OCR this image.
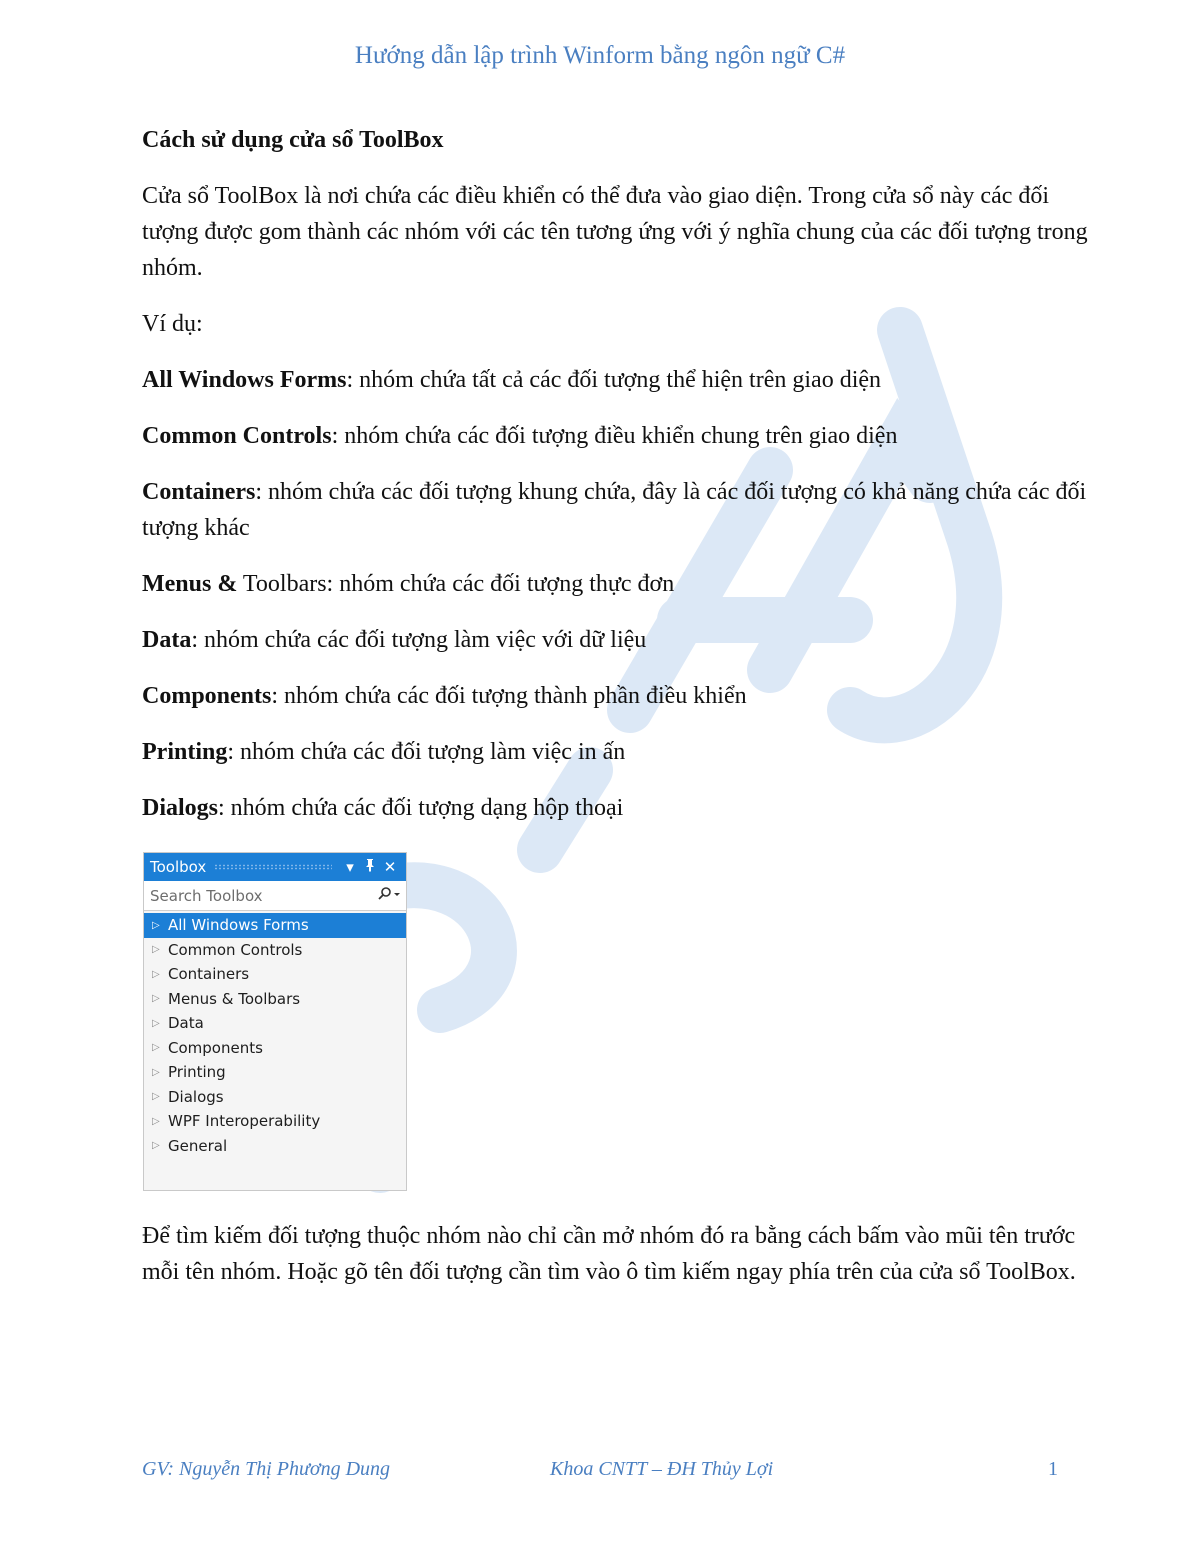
Hướng dẫn lập trình Winform bằng ngôn ngữ C#

Cách sử dụng cửa sổ ToolBox

Cửa sổ ToolBox là nơi chứa các điều khiển có thể đưa vào giao diện. Trong cửa sổ này các đối tượng được gom thành các nhóm với các tên tương ứng với ý nghĩa chung của các đối tượng trong nhóm.

Ví dụ:

All Windows Forms: nhóm chứa tất cả các đối tượng thể hiện trên giao diện

Common Controls: nhóm chứa các đối tượng điều khiển chung trên giao diện

Containers: nhóm chứa các đối tượng khung chứa, đây là các đối tượng có khả năng chứa các đối tượng khác

Menus & Toolbars: nhóm chứa các đối tượng thực đơn

Data: nhóm chứa các đối tượng làm việc với dữ liệu

Components: nhóm chứa các đối tượng thành phần điều khiển

Printing: nhóm chứa các đối tượng làm việc in ấn

Dialogs: nhóm chứa các đối tượng dạng hộp thoại

Toolbox	▾	✕
Search Toolbox
▷ All Windows Forms
▷ Common Controls
▷ Containers
▷ Menus & Toolbars
▷ Data
▷ Components
▷ Printing
▷ Dialogs
▷ WPF Interoperability
▷ General

Để tìm kiếm đối tượng thuộc nhóm nào chỉ cần mở nhóm đó ra bằng cách bấm vào mũi tên trước mỗi tên nhóm. Hoặc gõ tên đối tượng cần tìm vào ô tìm kiếm ngay phía trên của cửa sổ ToolBox.

GV: Nguyễn Thị Phương Dung	Khoa CNTT – ĐH Thủy Lợi	1
